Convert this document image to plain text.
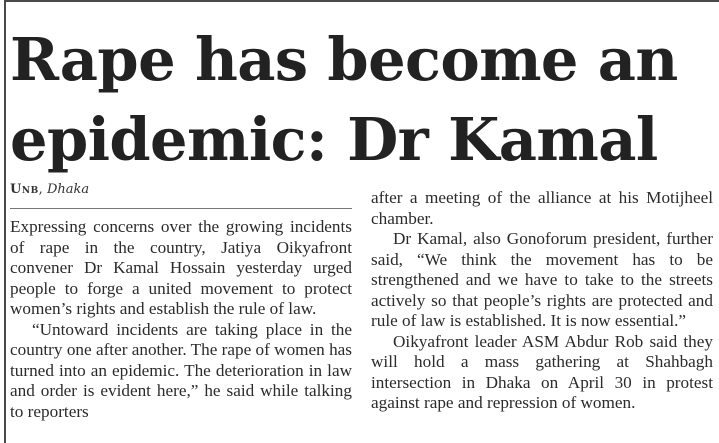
Rape has become an
epidemic: Dr Kamal
Unb, Dhaka

Expressing concerns over the growing incidents of rape in the country, Jatiya Oikyafront convener Dr Kamal Hossain yesterday urged people to forge a united movement to protect women’s rights and establish the rule of law.

“Untoward incidents are taking place in the country one after another. The rape of women has turned into an epidemic. The deterioration in law and order is evident here,” he said while talking to reporters

after a meeting of the alliance at his Motijheel chamber.

Dr Kamal, also Gonoforum president, further said, “We think the movement has to be strengthened and we have to take to the streets actively so that people’s rights are protected and rule of law is established. It is now essential.”

Oikyafront leader ASM Abdur Rob said they will hold a mass gathering at Shahbagh intersection in Dhaka on April 30 in protest against rape and repression of women.
